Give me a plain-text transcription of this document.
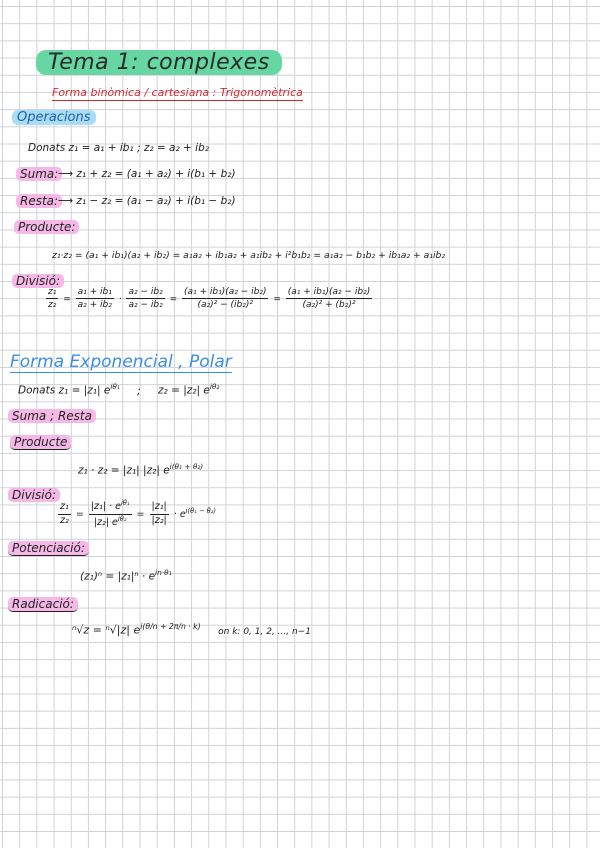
Tema 1: complexes
Forma binòmica / cartesiana : Trigonomètrica
Operacions
Donats z₁ = a₁ + ib₁ ; z₂ = a₂ + ib₂
Suma: ⟶ z₁ + z₂ = (a₁ + a₂) + i(b₁ + b₂)
Resta: ⟶ z₁ − z₂ = (a₁ − a₂) + i(b₁ − b₂)
Producte:
z₁·z₂ = (a₁ + ib₁)(a₂ + ib₂) = a₁a₂ + ib₁a₂ + a₁ib₂ + i²b₁b₂ = a₁a₂ − b₁b₂ + ib₁a₂ + a₁ib₂
Divisió:
$\frac{\text{z₁}}{\text{z₂}} = \frac{\text{a₁ + ib₁}}{\text{a₂ + ib₂}} \cdot \frac{\text{a₂ − ib₂}}{\text{a₂ − ib₂}} = \frac{\text{(a₁ + ib₁)(a₂ − ib₂)}}{\text{(a₂)² − (ib₂)²}} = \frac{\text{(a₁ + ib₁)(a₂ − ib₂)}}{\text{(a₂)² + (b₂)²}}$
Forma Exponencial , Polar
Donats z₁ = |z₁| $e^{i\theta_1}$ ; z₂ = |z₂| $e^{i\theta_2}$
Suma ; Resta
Producte
z₁ · z₂ = |z₁| |z₂| $e^{i(\theta_1 + \theta_2)}$
Divisió:
$\frac{\text{z₁}}{\text{z₂}} = \frac{|z_1| \cdot e^{i\theta_1}}{|z_2| e^{i\theta_2}} = \frac{\text{|z₁|}}{\text{|z₂|}} \cdot e^{i(\theta_1 - \theta_2)}$
Potenciació:
$(z_1)^n = |z_1|^n \cdot e^{in\cdot\theta_1}$
Radicació:
ⁿ√z = ⁿ√|z| $e^{i(\theta/n + 2\pi/n \cdot k)}$ on k: 0, 1, 2, ..., n−1
